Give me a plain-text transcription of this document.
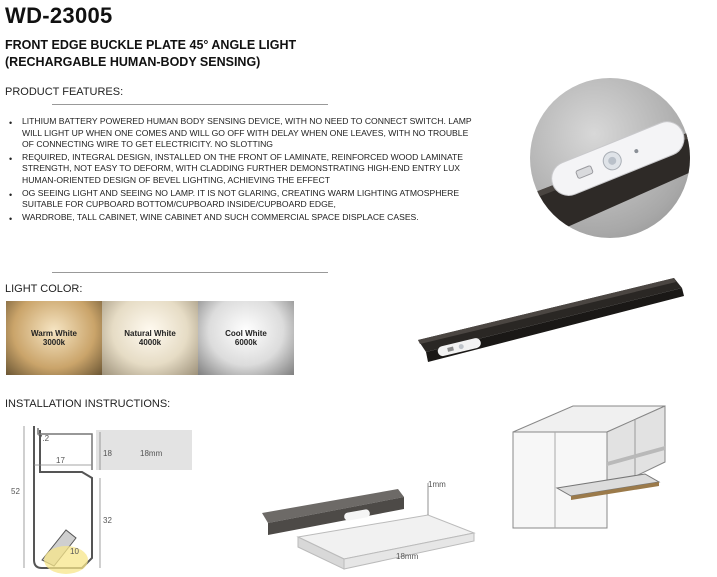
WD-23005
FRONT EDGE BUCKLE PLATE 45° ANGLE LIGHT
(RECHARGABLE HUMAN-BODY SENSING)
PRODUCT FEATURES:
• LITHIUM BATTERY POWERED HUMAN BODY SENSING DEVICE, WITH NO NEED TO CONNECT SWITCH. LAMP WILL LIGHT UP WHEN ONE COMES AND WILL GO OFF WITH DELAY WHEN ONE LEAVES, WITH NO TROUBLE OF CONNECTING WIRE TO GET ELECTRICITY. NO SLOTTING
• REQUIRED, INTEGRAL DESIGN, INSTALLED ON THE FRONT OF LAMINATE, REINFORCED WOOD LAMINATE STRENGTH, NOT EASY TO DEFORM, WITH CLADDING FURTHER DEMONSTRATING HIGH-END ENTRY LUX HUMAN-ORIENTED DESIGN OF BEVEL LIGHTING, ACHIEVING THE EFFECT
• OG SEEING LIGHT AND SEEING NO LAMP. IT IS NOT GLARING, CREATING WARM LIGHTING ATMOSPHERE SUITABLE FOR CUPBOARD BOTTOM/CUPBOARD INSIDE/CUPBOARD EDGE,
• WARDROBE, TALL CABINET, WINE CABINET AND SUCH COMMERCIAL SPACE DISPLACE CASES.
LIGHT COLOR:
Warm White
3000k
Natural White
4000k
Cool White
6000k
INSTALLATION INSTRUCTIONS:
7.2
18	18mm
17
52
32
10
1mm
18mm
